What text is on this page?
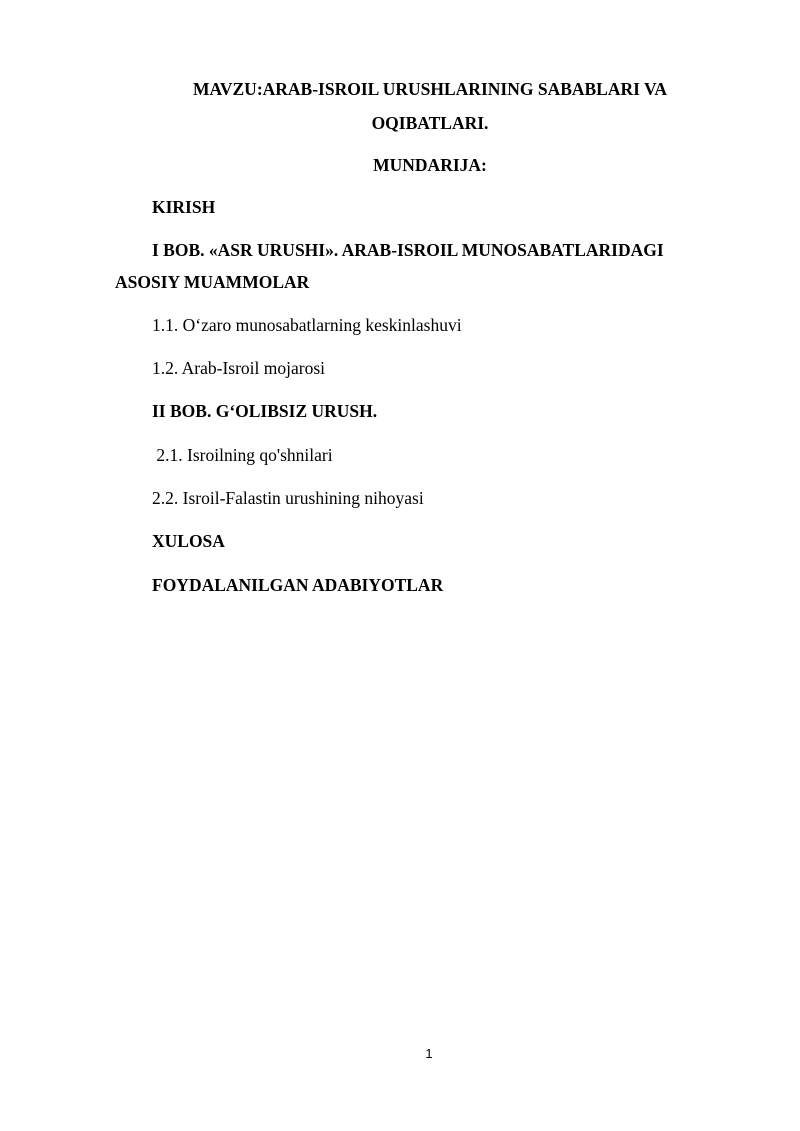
MAVZU:ARAB-ISROIL URUSHLARINING SABABLARI VA
OQIBATLARI.
MUNDARIJA:
KIRISH
I BOB. «ASR URUSHI». ARAB-ISROIL MUNOSABATLARIDAGI
ASOSIY MUAMMOLAR
1.1. O‘zaro munosabatlarning keskinlashuvi
1.2. Arab-Isroil mojarosi
II BOB. G‘OLIBSIZ URUSH.
2.1. Isroilning qo'shnilari
2.2. Isroil-Falastin urushining nihoyasi
XULOSA
FOYDALANILGAN ADABIYOTLAR
1
